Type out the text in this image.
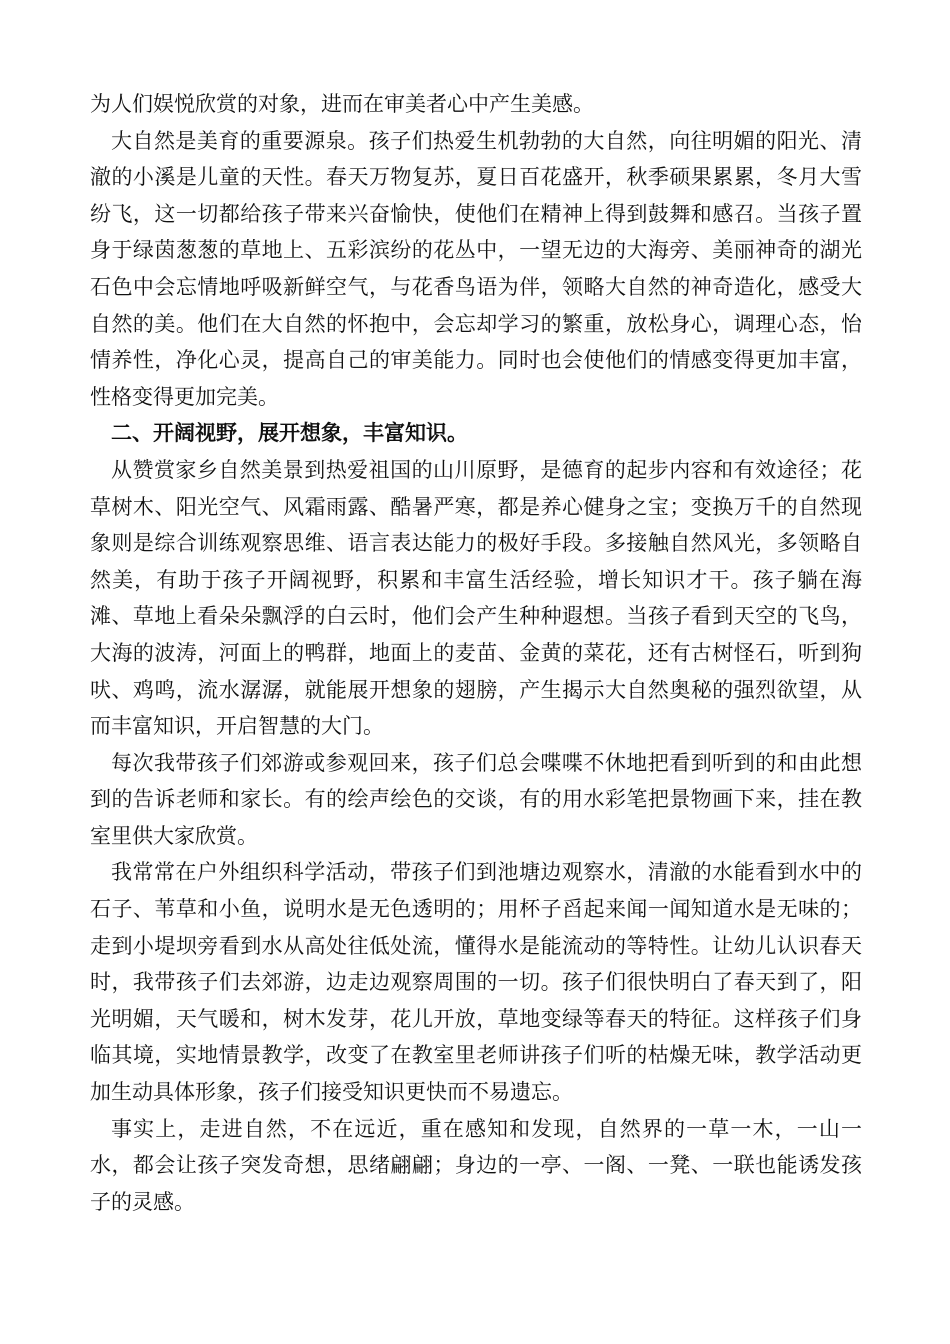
为人们娱悦欣赏的对象，进而在审美者心中产生美感。

大自然是美育的重要源泉。孩子们热爱生机勃勃的大自然，向往明媚的阳光、清澈的小溪是儿童的天性。春天万物复苏，夏日百花盛开，秋季硕果累累，冬月大雪纷飞，这一切都给孩子带来兴奋愉快，使他们在精神上得到鼓舞和感召。当孩子置身于绿茵葱葱的草地上、五彩滨纷的花丛中，一望无边的大海旁、美丽神奇的湖光石色中会忘情地呼吸新鲜空气，与花香鸟语为伴，领略大自然的神奇造化，感受大自然的美。他们在大自然的怀抱中，会忘却学习的繁重，放松身心，调理心态，怡情养性，净化心灵，提高自己的审美能力。同时也会使他们的情感变得更加丰富，性格变得更加完美。

二、开阔视野，展开想象，丰富知识。

从赞赏家乡自然美景到热爱祖国的山川原野，是德育的起步内容和有效途径；花草树木、阳光空气、风霜雨露、酷暑严寒，都是养心健身之宝；变换万千的自然现象则是综合训练观察思维、语言表达能力的极好手段。多接触自然风光，多领略自然美，有助于孩子开阔视野，积累和丰富生活经验，增长知识才干。孩子躺在海滩、草地上看朵朵飘浮的白云时，他们会产生种种遐想。当孩子看到天空的飞鸟，大海的波涛，河面上的鸭群，地面上的麦苗、金黄的菜花，还有古树怪石，听到狗吠、鸡鸣，流水潺潺，就能展开想象的翅膀，产生揭示大自然奥秘的强烈欲望，从而丰富知识，开启智慧的大门。

每次我带孩子们郊游或参观回来，孩子们总会喋喋不休地把看到听到的和由此想到的告诉老师和家长。有的绘声绘色的交谈，有的用水彩笔把景物画下来，挂在教室里供大家欣赏。

我常常在户外组织科学活动，带孩子们到池塘边观察水，清澈的水能看到水中的石子、苇草和小鱼，说明水是无色透明的；用杯子舀起来闻一闻知道水是无味的；走到小堤坝旁看到水从高处往低处流，懂得水是能流动的等特性。让幼儿认识春天时，我带孩子们去郊游，边走边观察周围的一切。孩子们很快明白了春天到了，阳光明媚，天气暖和，树木发芽，花儿开放，草地变绿等春天的特征。这样孩子们身临其境，实地情景教学，改变了在教室里老师讲孩子们听的枯燥无味，教学活动更加生动具体形象，孩子们接受知识更快而不易遗忘。

事实上，走进自然，不在远近，重在感知和发现，自然界的一草一木，一山一水，都会让孩子突发奇想，思绪翩翩；身边的一亭、一阁、一凳、一联也能诱发孩子的灵感。
